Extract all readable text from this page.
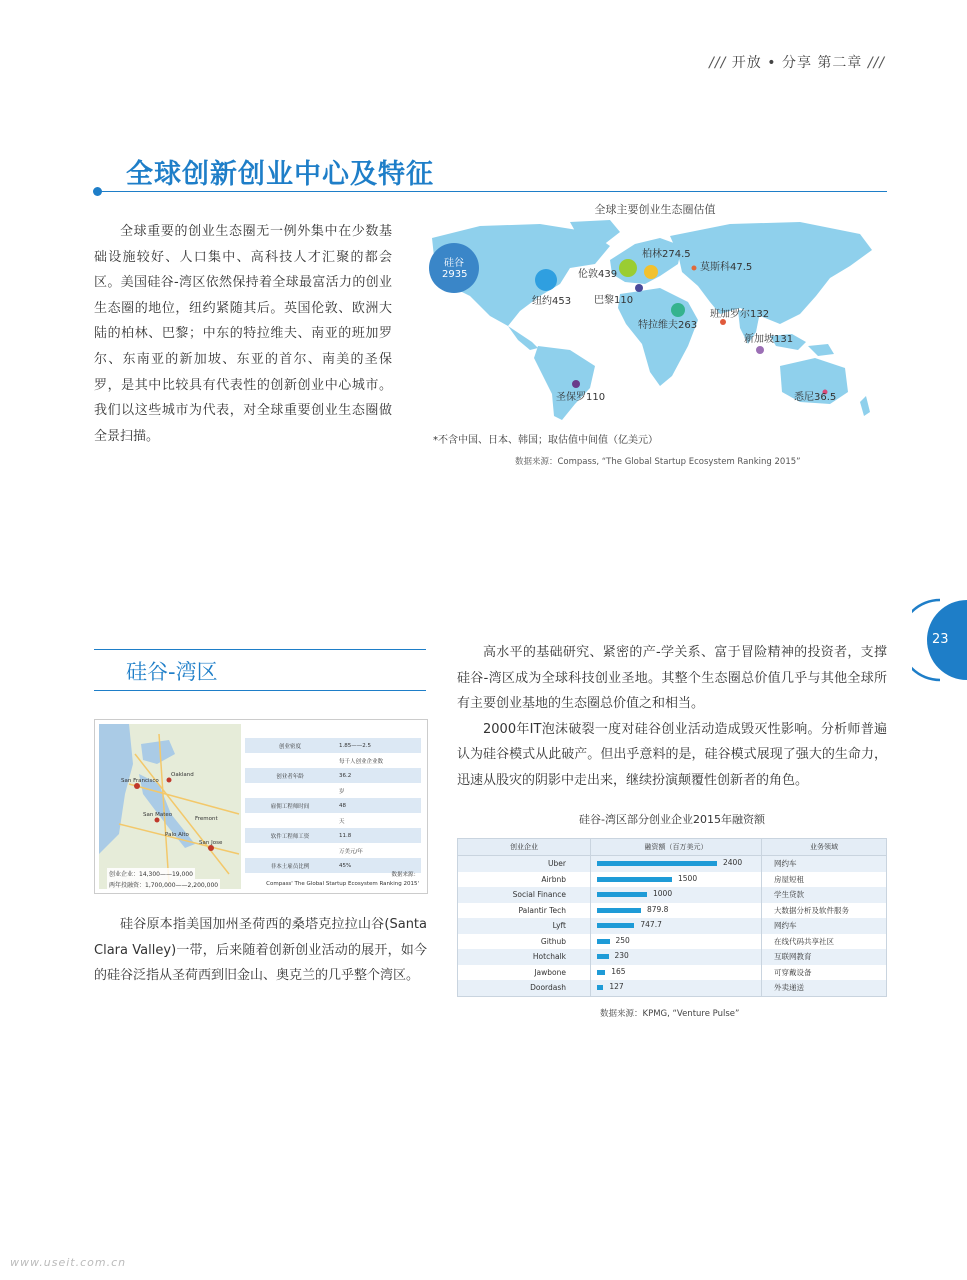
/// 开放 • 分享 第二章 ///
全球创新创业中心及特征
全球重要的创业生态圈无一例外集中在少数基础设施较好、人口集中、高科技人才汇聚的都会区。美国硅谷-湾区依然保持着全球最富活力的创业生态圈的地位，纽约紧随其后。英国伦敦、欧洲大陆的柏林、巴黎；中东的特拉维夫、南亚的班加罗尔、东南亚的新加坡、东亚的首尔、南美的圣保罗，是其中比较具有代表性的创新创业中心城市。我们以这些城市为代表，对全球重要创业生态圈做全景扫描。
全球主要创业生态圈估值
硅谷
2935
纽约453
伦敦439
柏林274.5
巴黎110
莫斯科47.5
特拉维夫263
班加罗尔132
新加坡131
圣保罗110	悉尼36.5
*不含中国、日本、韩国；取估值中间值（亿美元）
数据来源：Compass, “The Global Startup Ecosystem Ranking 2015”
23
硅谷-湾区
San Francisco
Oakland
San Mateo
San Jose
Palo Alto
Fremont
创业企业：14,300——19,000
两年投融资：1,700,000——2,200,000
创业密度	1.85——2.5
每千人创业企业数
创业者年龄	36.2
岁
雇佣工程师时间	48
天
软件工程师工资	11.8
万美元/年
非本土雇员比例	45%
数据来源：
Compass' The Global Startup Ecosystem Ranking 2015'
硅谷原本指美国加州圣荷西的桑塔克拉拉山谷(Santa Clara Valley)一带，后来随着创新创业活动的展开，如今的硅谷泛指从圣荷西到旧金山、奥克兰的几乎整个湾区。

高水平的基础研究、紧密的产-学关系、富于冒险精神的投资者，支撑硅谷-湾区成为全球科技创业圣地。其整个生态圈总价值几乎与其他全球所有主要创业基地的生态圈总价值之和相当。

2000年IT泡沫破裂一度对硅谷创业活动造成毁灭性影响。分析师普遍认为硅谷模式从此破产。但出乎意料的是，硅谷模式展现了强大的生命力，迅速从股灾的阴影中走出来，继续扮演颠覆性创新者的角色。

硅谷-湾区部分创业企业2015年融资额
创业企业	融资额（百万美元）	业务领域
Uber	2400	网约车
Airbnb	1500	房屋短租
Social Finance	1000	学生贷款
Palantir Tech	879.8	大数据分析及软件服务
Lyft	747.7	网约车
Github	250	在线代码共享社区
Hotchalk	230	互联网教育
Jawbone	165	可穿戴设备
Doordash	127	外卖递送
数据来源：KPMG, “Venture Pulse”
www.useit.com.cn
